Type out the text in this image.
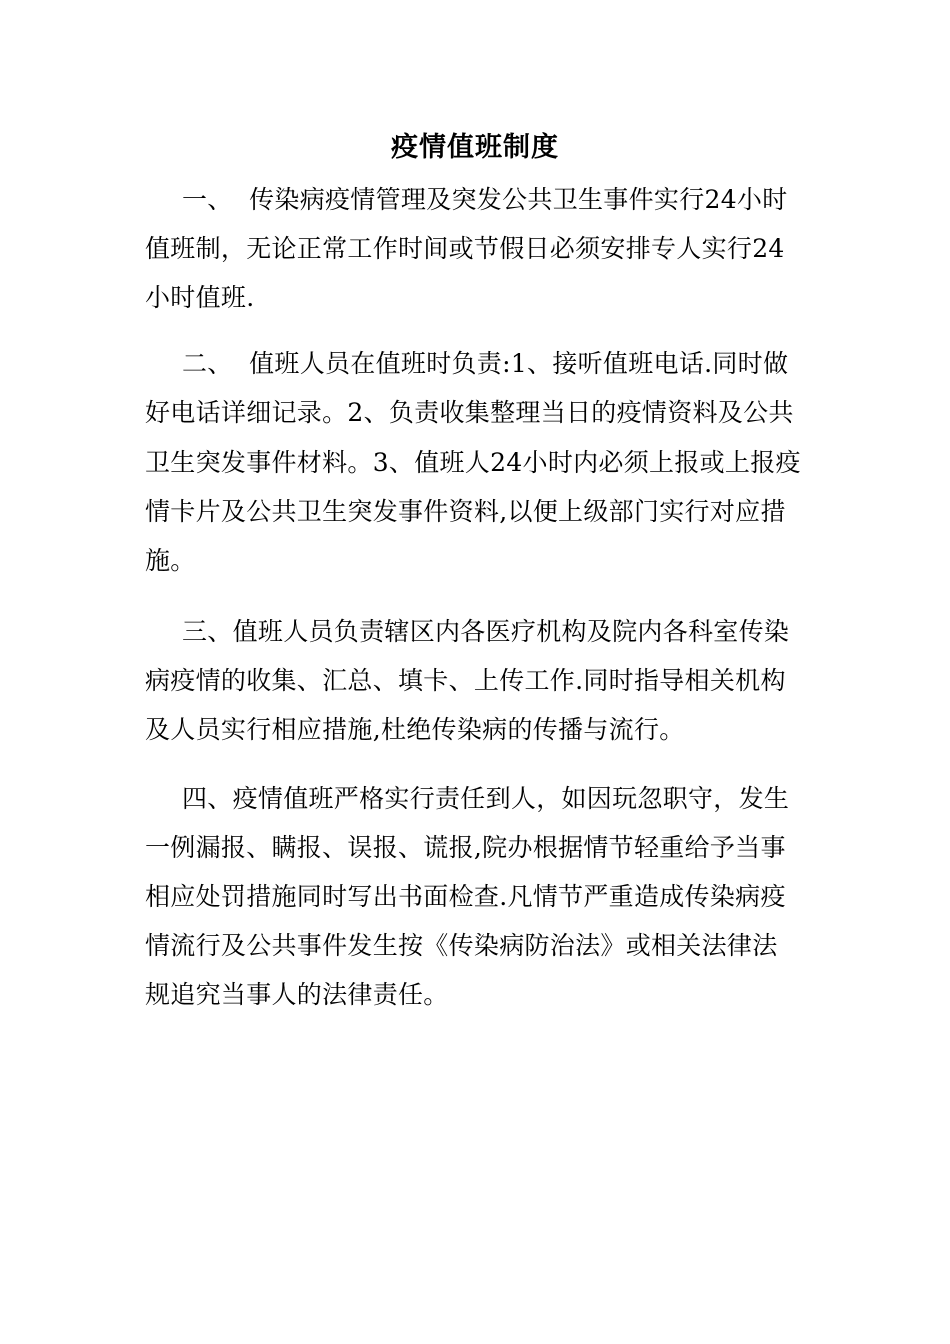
疫情值班制度
一、  传染病疫情管理及突发公共卫生事件实行24小时
值班制，无论正常工作时间或节假日必须安排专人实行24
小时值班.
二、  值班人员在值班时负责:1、接听值班电话.同时做
好电话详细记录。2、负责收集整理当日的疫情资料及公共
卫生突发事件材料。3、值班人24小时内必须上报或上报疫
情卡片及公共卫生突发事件资料,以便上级部门实行对应措
施。
三、值班人员负责辖区内各医疗机构及院内各科室传染
病疫情的收集、汇总、填卡、上传工作.同时指导相关机构
及人员实行相应措施,杜绝传染病的传播与流行。
四、疫情值班严格实行责任到人，如因玩忽职守，发生
一例漏报、瞒报、误报、谎报,院办根据情节轻重给予当事
相应处罚措施同时写出书面检查.凡情节严重造成传染病疫
情流行及公共事件发生按《传染病防治法》或相关法律法
规追究当事人的法律责任。
